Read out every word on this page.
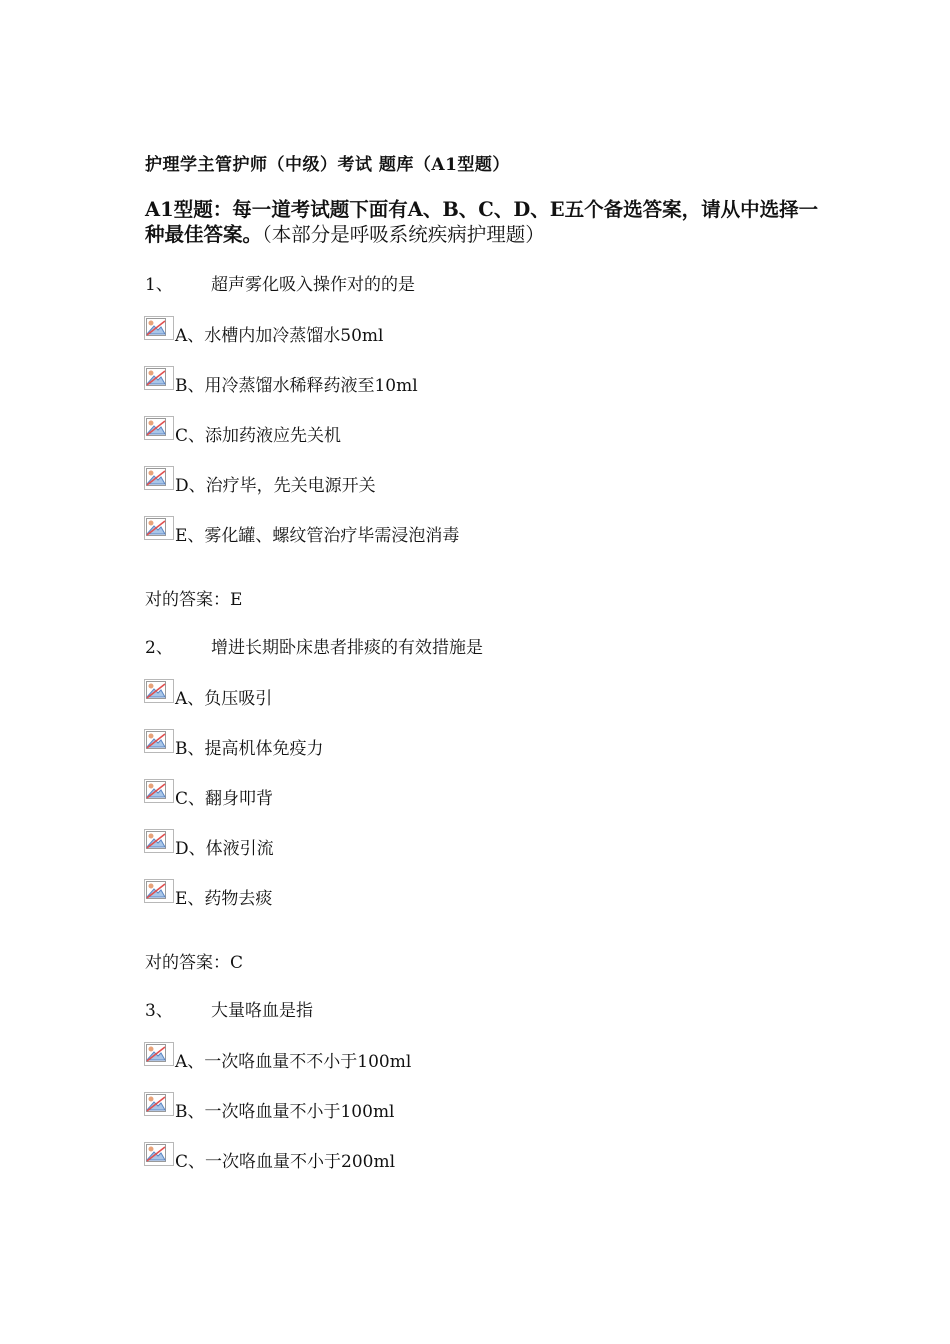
护理学主管护师（中级）考试 题库（A1型题）
A1型题：每一道考试题下面有A、B、C、D、E五个备选答案，请从中选择一种最佳答案。（本部分是呼吸系统疾病护理题）
1、 超声雾化吸入操作对的的是
A、水槽内加冷蒸馏水50ml
B、用冷蒸馏水稀释药液至10ml
C、添加药液应先关机
D、治疗毕，先关电源开关
E、雾化罐、螺纹管治疗毕需浸泡消毒
对的答案：E
2、 增进长期卧床患者排痰的有效措施是
A、负压吸引
B、提高机体免疫力
C、翻身叩背
D、体液引流
E、药物去痰
对的答案：C
3、 大量咯血是指
A、一次咯血量不不小于100ml
B、一次咯血量不小于100ml
C、一次咯血量不小于200ml
